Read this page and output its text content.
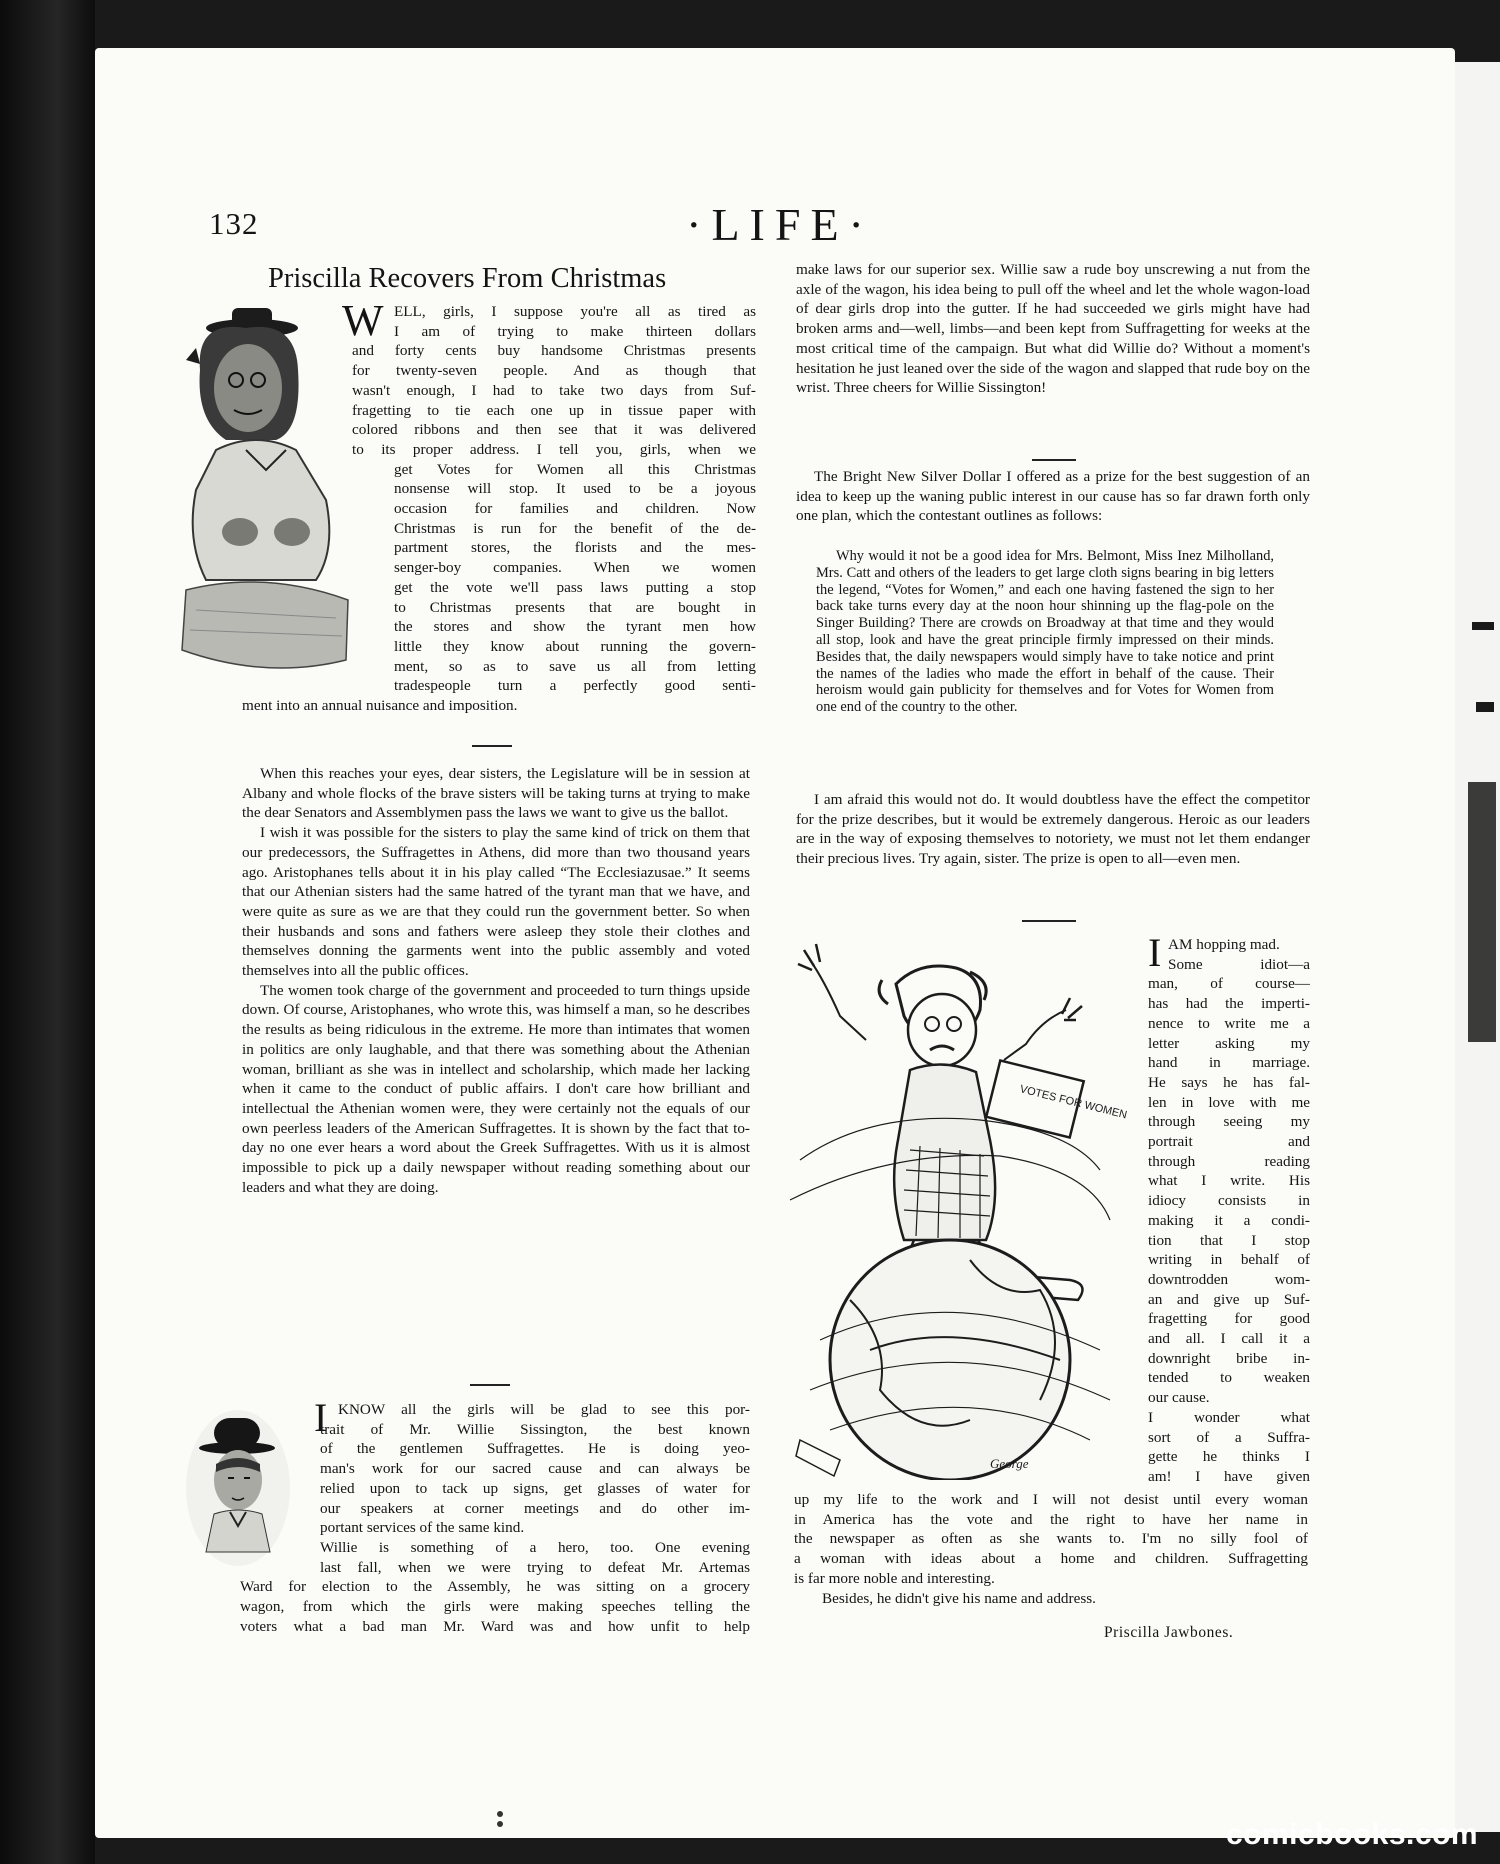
132	·LIFE·
Priscilla Recovers From Christmas
W ELL, girls, I suppose you're all as tired as
I am of trying to make thirteen dollars
and forty cents buy handsome Christmas presents
for twenty-seven people. And as though that
wasn't enough, I had to take two days from Suf-
fragetting to tie each one up in tissue paper with
colored ribbons and then see that it was delivered
to its proper address. I tell you, girls, when we
get Votes for Women all this Christmas
nonsense will stop. It used to be a joyous
occasion for families and children. Now
Christmas is run for the benefit of the de-
partment stores, the florists and the mes-
senger-boy companies. When we women
get the vote we'll pass laws putting a stop
to Christmas presents that are bought in
the stores and show the tyrant men how
little they know about running the govern-
ment, so as to save us all from letting
tradespeople turn a perfectly good senti-
ment into an annual nuisance and imposition.

When this reaches your eyes, dear sisters, the Legislature will be in session at Albany and whole flocks of the brave sisters will be taking turns at trying to make the dear Senators and Assemblymen pass the laws we want to give us the ballot.

I wish it was possible for the sisters to play the same kind of trick on them that our predecessors, the Suffragettes in Athens, did more than two thousand years ago. Aristophanes tells about it in his play called “The Ecclesiazusae.” It seems that our Athenian sisters had the same hatred of the tyrant man that we have, and were quite as sure as we are that they could run the government better. So when their husbands and sons and fathers were asleep they stole their clothes and themselves donning the garments went into the public assembly and voted themselves into all the public offices.

The women took charge of the government and proceeded to turn things upside down. Of course, Aristophanes, who wrote this, was himself a man, so he describes the results as being ridiculous in the extreme. He more than intimates that women in politics are only laughable, and that there was something about the Athenian woman, brilliant as she was in intellect and scholarship, which made her lacking when it came to the conduct of public affairs. I don't care how brilliant and intellectual the Athenian women were, they were certainly not the equals of our own peerless leaders of the American Suffragettes. It is shown by the fact that to-day no one ever hears a word about the Greek Suffragettes. With us it is almost impossible to pick up a daily newspaper without reading something about our leaders and what they are doing.

I KNOW all the girls will be glad to see this por-
trait of Mr. Willie Sissington, the best known
of the gentlemen Suffragettes. He is doing yeo-
man's work for our sacred cause and can always be
relied upon to tack up signs, get glasses of water for
our speakers at corner meetings and do other im-
portant services of the same kind.
Willie is something of a hero, too. One evening
last fall, when we were trying to defeat Mr. Artemas
Ward for election to the Assembly, he was sitting on a grocery
wagon, from which the girls were making speeches telling the
voters what a bad man Mr. Ward was and how unfit to help

make laws for our superior sex. Willie saw a rude boy unscrewing a nut from the axle of the wagon, his idea being to pull off the wheel and let the whole wagon-load of dear girls drop into the gutter. If he had succeeded we girls might have had broken arms and—well, limbs—and been kept from Suffragetting for weeks at the most critical time of the campaign. But what did Willie do? Without a moment's hesitation he just leaned over the side of the wagon and slapped that rude boy on the wrist. Three cheers for Willie Sissington!

The Bright New Silver Dollar I offered as a prize for the best suggestion of an idea to keep up the waning public interest in our cause has so far drawn forth only one plan, which the contestant outlines as follows:

Why would it not be a good idea for Mrs. Belmont, Miss Inez Milholland, Mrs. Catt and others of the leaders to get large cloth signs bearing in big letters the legend, “Votes for Women,” and each one having fastened the sign to her back take turns every day at the noon hour shinning up the flag-pole on the Singer Building? There are crowds on Broadway at that time and they would all stop, look and have the great principle firmly impressed on their minds. Besides that, the daily newspapers would simply have to take notice and print the names of the ladies who made the effort in behalf of the cause. Their heroism would gain publicity for themselves and for Votes for Women from one end of the country to the other.

I am afraid this would not do. It would doubtless have the effect the competitor for the prize describes, but it would be extremely dangerous. Heroic as our leaders are in the way of exposing themselves to notoriety, we must not let them endanger their precious lives. Try again, sister. The prize is open to all—even men.

VOTES FOR WOMEN
George
I AM hopping mad.
Some idiot—a
man, of course—
has had the imperti-
nence to write me a
letter asking my
hand in marriage.
He says he has fal-
len in love with me
through seeing my
portrait and
through reading
what I write. His
idiocy consists in
making it a condi-
tion that I stop
writing in behalf of
downtrodden wom-
an and give up Suf-
fragetting for good
and all. I call it a
downright bribe in-
tended to weaken
our cause.
I wonder what
sort of a Suffra-
gette he thinks I
am! I have given
up my life to the work and I will not desist until every woman
in America has the vote and the right to have her name in
the newspaper as often as she wants to. I'm no silly fool of
a woman with ideas about a home and children. Suffragetting
is far more noble and interesting.
Besides, he didn't give his name and address.
Priscilla Jawbones.
comicbooks.com
